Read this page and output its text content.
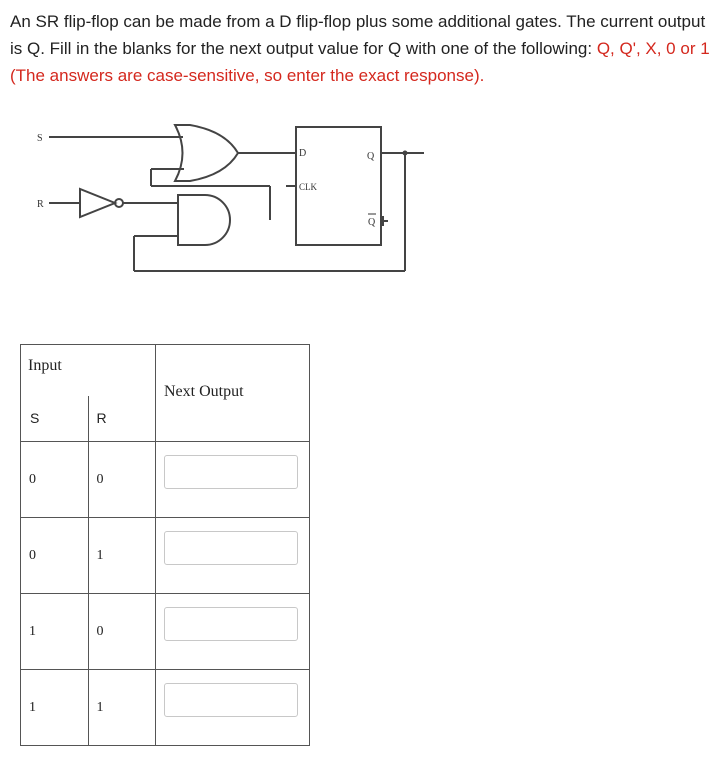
An SR flip-flop can be made from a D flip-flop plus some additional gates. The current output is Q. Fill in the blanks for the next output value for Q with one of the following: Q, Q', X, 0 or 1 (The answers are case-sensitive, so enter the exact response).
S
R
D
CLK
Q
Q
Input		Next Output

S	R	

0	0

0	1

1	0

1	1
